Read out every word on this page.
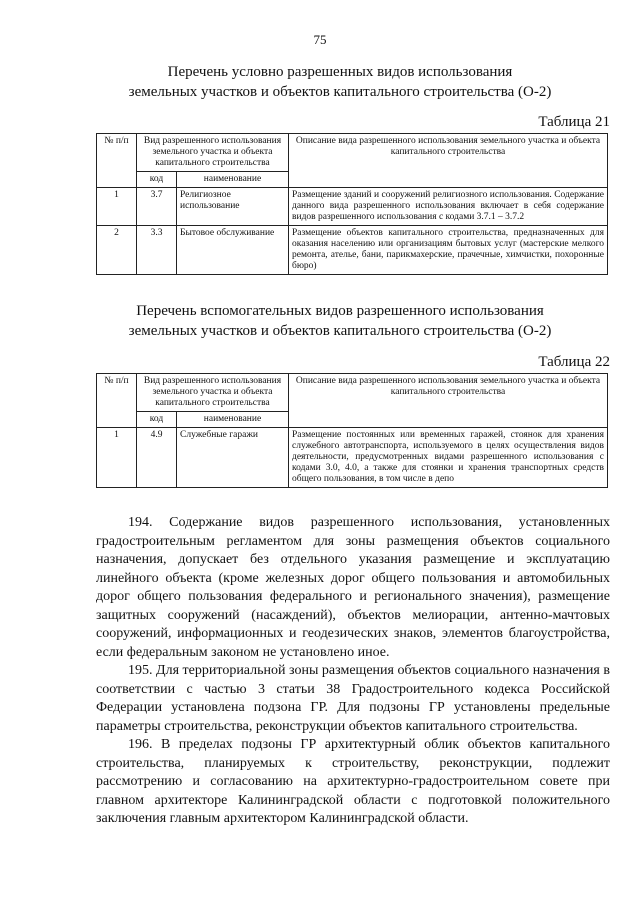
75
Перечень условно разрешенных видов использования
земельных участков и объектов капитального строительства (О-2)
Таблица 21
№ п/п	Вид разрешенного использования земельного участка и объекта капитального строительства		Описание вида разрешенного использования земельного участка и объекта капитального строительства
	код	наименование	
1	3.7	Религиозное использование	Размещение зданий и сооружений религиозного использования. Содержание данного вида разрешенного использования включает в себя содержание видов разрешенного использования с кодами 3.7.1 – 3.7.2
2	3.3	Бытовое обслуживание	Размещение объектов капитального строительства, предназначенных для оказания населению или организациям бытовых услуг (мастерские мелкого ремонта, ателье, бани, парикмахерские, прачечные, химчистки, похоронные бюро)
Перечень вспомогательных видов разрешенного использования
земельных участков и объектов капитального строительства (О-2)
Таблица 22
№ п/п	Вид разрешенного использования земельного участка и объекта капитального строительства		Описание вида разрешенного использования земельного участка и объекта капитального строительства
	код	наименование	
1	4.9	Служебные гаражи	Размещение постоянных или временных гаражей, стоянок для хранения служебного автотранспорта, используемого в целях осуществления видов деятельности, предусмотренных видами разрешенного использования с кодами 3.0, 4.0, а также для стоянки и хранения транспортных средств общего пользования, в том числе в депо

194. Содержание видов разрешенного использования, установленных градостроительным регламентом для зоны размещения объектов социального назначения, допускает без отдельного указания размещение и эксплуатацию линейного объекта (кроме железных дорог общего пользования и автомобильных дорог общего пользования федерального и регионального значения), размещение защитных сооружений (насаждений), объектов мелиорации, антенно-мачтовых сооружений, информационных и геодезических знаков, элементов благоустройства, если федеральным законом не установлено иное.

195. Для территориальной зоны размещения объектов социального назначения в соответствии с частью 3 статьи 38 Градостроительного кодекса Российской Федерации установлена подзона ГР. Для подзоны ГР установлены предельные параметры строительства, реконструкции объектов капитального строительства.

196. В пределах подзоны ГР архитектурный облик объектов капитального строительства, планируемых к строительству, реконструкции, подлежит рассмотрению и согласованию на архитектурно-градостроительном совете при главном архитекторе Калининградской области с подготовкой положительного заключения главным архитектором Калининградской области.
